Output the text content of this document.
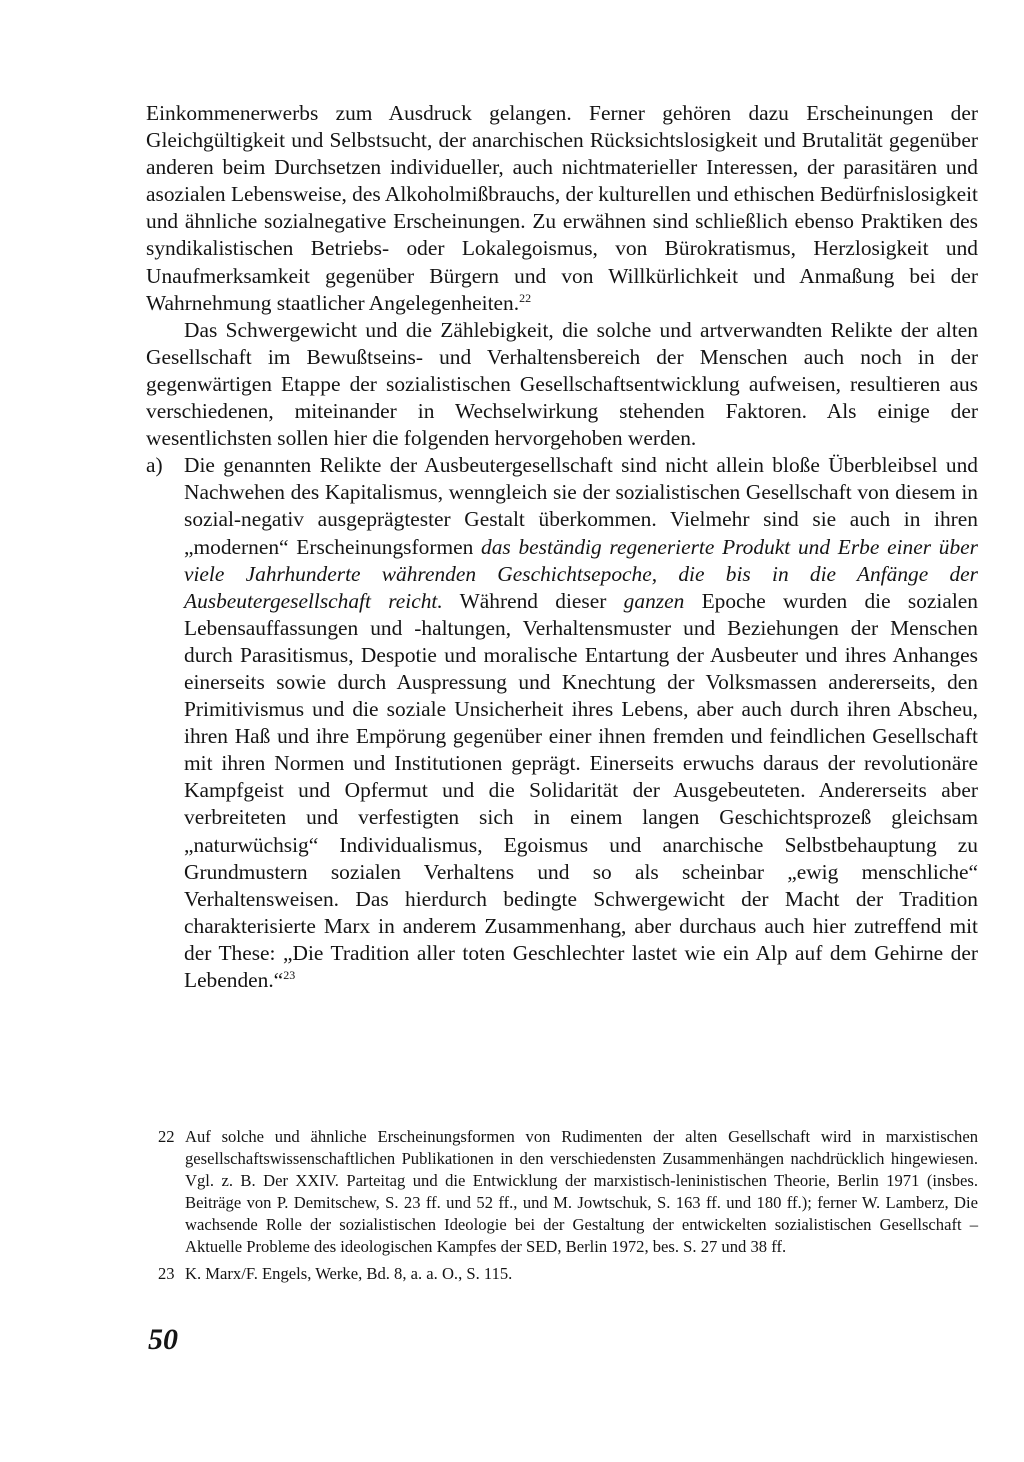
Einkommenerwerbs zum Ausdruck gelangen. Ferner gehören dazu Erscheinungen der Gleichgültigkeit und Selbstsucht, der anarchischen Rücksichtslosigkeit und Brutalität gegenüber anderen beim Durchsetzen individueller, auch nichtmaterieller Interessen, der parasitären und asozialen Lebensweise, des Alkoholmißbrauchs, der kulturellen und ethischen Bedürfnislosigkeit und ähnliche sozialnegative Erscheinungen. Zu erwähnen sind schließlich ebenso Praktiken des syndikalistischen Betriebs- oder Lokalegoismus, von Bürokratismus, Herzlosigkeit und Unaufmerksamkeit gegenüber Bürgern und von Willkürlichkeit und Anmaßung bei der Wahrnehmung staatlicher Angelegenheiten.$^{22}$

Das Schwergewicht und die Zählebigkeit, die solche und artverwandten Relikte der alten Gesellschaft im Bewußtseins- und Verhaltensbereich der Menschen auch noch in der gegenwärtigen Etappe der sozialistischen Gesellschaftsentwicklung aufweisen, resultieren aus verschiedenen, miteinander in Wechselwirkung stehenden Faktoren. Als einige der wesentlichsten sollen hier die folgenden hervorgehoben werden.

a) Die genannten Relikte der Ausbeutergesellschaft sind nicht allein bloße Überbleibsel und Nachwehen des Kapitalismus, wenngleich sie der sozialistischen Gesellschaft von diesem in sozial-negativ ausgeprägtester Gestalt überkommen. Vielmehr sind sie auch in ihren „modernen“ Erscheinungsformen das beständig regenerierte Produkt und Erbe einer über viele Jahrhunderte währenden Geschichtsepoche, die bis in die Anfänge der Ausbeutergesellschaft reicht. Während dieser ganzen Epoche wurden die sozialen Lebensauffassungen und -haltungen, Verhaltensmuster und Beziehungen der Menschen durch Parasitismus, Despotie und moralische Entartung der Ausbeuter und ihres Anhanges einerseits sowie durch Auspressung und Knechtung der Volksmassen andererseits, den Primitivismus und die soziale Unsicherheit ihres Lebens, aber auch durch ihren Abscheu, ihren Haß und ihre Empörung gegenüber einer ihnen fremden und feindlichen Gesellschaft mit ihren Normen und Institutionen geprägt. Einerseits erwuchs daraus der revolutionäre Kampfgeist und Opfermut und die Solidarität der Ausgebeuteten. Andererseits aber verbreiteten und verfestigten sich in einem langen Geschichtsprozeß gleichsam „naturwüchsig“ Individualismus, Egoismus und anarchische Selbstbehauptung zu Grundmustern sozialen Verhaltens und so als scheinbar „ewig menschliche“ Verhaltensweisen. Das hierdurch bedingte Schwergewicht der Macht der Tradition charakterisierte Marx in anderem Zusammenhang, aber durchaus auch hier zutreffend mit der These: „Die Tradition aller toten Geschlechter lastet wie ein Alp auf dem Gehirne der Lebenden.“$^{23}$

22 Auf solche und ähnliche Erscheinungsformen von Rudimenten der alten Gesellschaft wird in marxistischen gesellschaftswissenschaftlichen Publikationen in den verschiedensten Zusammenhängen nachdrücklich hingewiesen. Vgl. z. B. Der XXIV. Parteitag und die Entwicklung der marxistisch-leninistischen Theorie, Berlin 1971 (insbes. Beiträge von P. Demitschew, S. 23 ff. und 52 ff., und M. Jowtschuk, S. 163 ff. und 180 ff.); ferner W. Lamberz, Die wachsende Rolle der sozialistischen Ideologie bei der Gestaltung der entwickelten sozialistischen Gesellschaft – Aktuelle Probleme des ideologischen Kampfes der SED, Berlin 1972, bes. S. 27 und 38 ff.
23 K. Marx/F. Engels, Werke, Bd. 8, a. a. O., S. 115.
50
